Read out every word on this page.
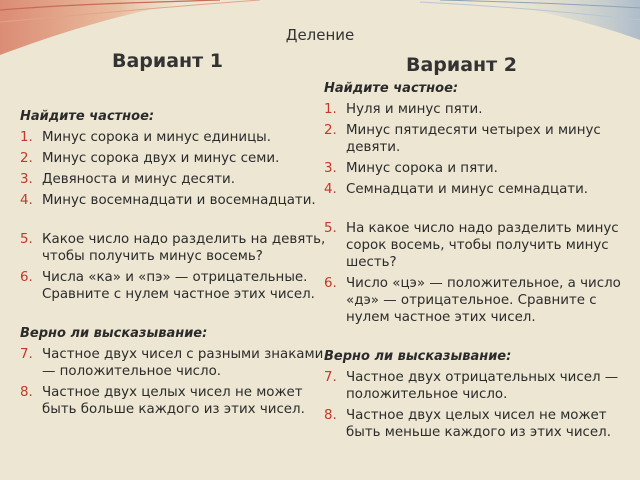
Деление
Вариант 1	Вариант 2

Найдите частное:

1. Минус сорока и минус единицы.
2. Минус сорока двух и минус семи.
3. Девяноста и минус десяти.
4. Минус восемнадцати и восемнадцати.
5. Какое число надо разделить на девять, чтобы получить минус восемь?
6. Числа «ка» и «пэ» — отрицательные. Сравните с нулем частное этих чисел.

Верно ли высказывание:

7. Частное двух чисел с разными знаками — положительное число.
8. Частное двух целых чисел не может быть больше каждого из этих чисел.

Найдите частное:

1. Нуля и минус пяти.
2. Минус пятидесяти четырех и минус девяти.
3. Минус сорока и пяти.
4. Семнадцати и минус семнадцати.
5. На какое число надо разделить минус сорок восемь, чтобы получить минус шесть?
6. Число «цэ» — положительное, а число «дэ» — отрицательное. Сравните с нулем частное этих чисел.

Верно ли высказывание:

7. Частное двух отрицательных чисел — положительное число.
8. Частное двух целых чисел не может быть меньше каждого из этих чисел.
